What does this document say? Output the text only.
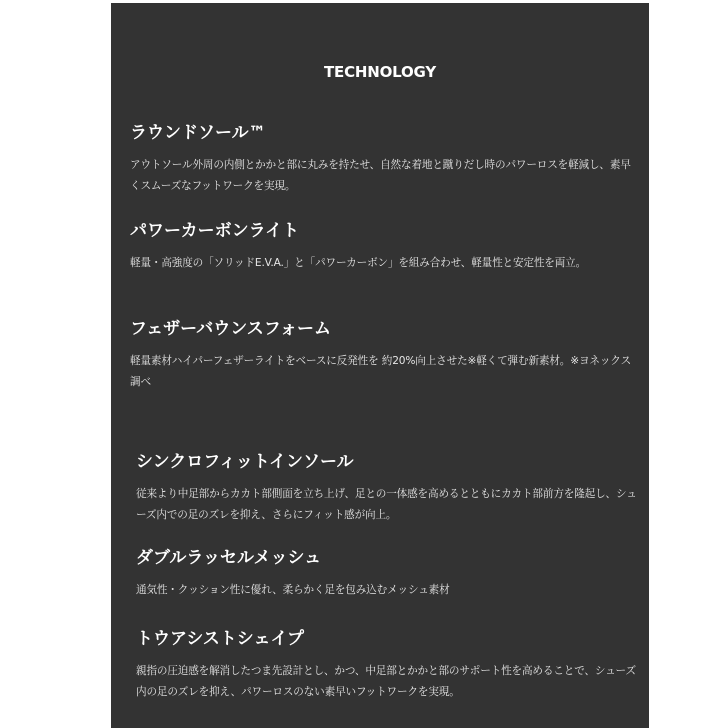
TECHNOLOGY
ラウンドソール™

アウトソール外周の内側とかかと部に丸みを持たせ、自然な着地と蹴りだし時のパワーロスを軽減し、素早くスムーズなフットワークを実現。

パワーカーボンライト

軽量・高強度の「ソリッドE.V.A.」と「パワーカーボン」を組み合わせ、軽量性と安定性を両立。

フェザーバウンスフォーム

軽量素材ハイパーフェザーライトをベースに反発性を 約20%向上させた※軽くて弾む新素材。※ヨネックス調べ

シンクロフィットインソール

従来より中足部からカカト部側面を立ち上げ、足との一体感を高めるとともにカカト部前方を隆起し、シューズ内での足のズレを抑え、さらにフィット感が向上。

ダブルラッセルメッシュ

通気性・クッション性に優れ、柔らかく足を包み込むメッシュ素材

トウアシストシェイプ

親指の圧迫感を解消したつま先設計とし、かつ、中足部とかかと部のサポート性を高めることで、シューズ内の足のズレを抑え、パワーロスのない素早いフットワークを実現。
